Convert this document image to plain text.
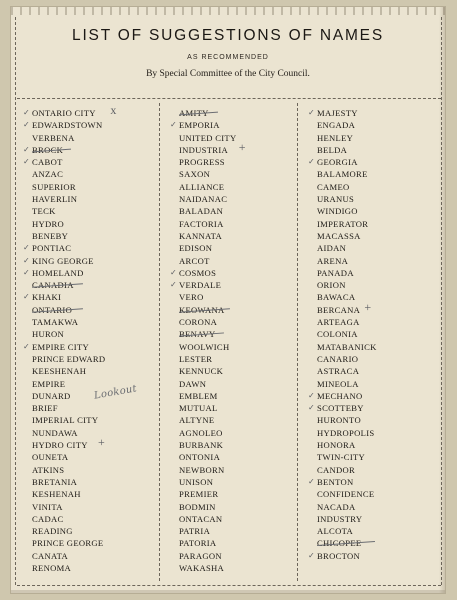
LIST OF SUGGESTIONS OF NAMES
AS RECOMMENDED
By Special Committee of the City Council.
ONTARIO CITY
✓	x
EDWARDSTOWN
✓
VERBENA
BROCK
✓
CABOT
✓
ANZAC
SUPERIOR
HAVERLIN
TECK
HYDRO
BENEBY
PONTIAC
✓
KING GEORGE
✓
HOMELAND
✓
CANADIA
KHAKI
✓
ONTARIO
TAMAKWA
HURON
EMPIRE CITY
✓
PRINCE EDWARD
KEESHENAH
EMPIRE
DUNARD Lookout
BRIEF
IMPERIAL CITY
NUNDAWA
HYDRO CITY +
OUNETA
ATKINS
BRETANIA
KESHENAH
VINITA
CADAC
READING
PRINCE GEORGE
CANATA
RENOMA
AMITY
EMPORIA
✓
UNITED CITY
INDUSTRIA +
PROGRESS
SAXON
ALLIANCE
NAIDANAC
BALADAN
FACTORIA
KANNATA
EDISON
ARCOT
COSMOS
✓
VERDALE
✓
VERO
KEOWANA
CORONA
BENAVY
WOOLWICH
LESTER
KENNUCK
DAWN
EMBLEM
MUTUAL
ALTYNE
AGNOLEO
BURBANK
ONTONIA
NEWBORN
UNISON
PREMIER
BODMIN
ONTACAN
PATRIA
PATORIA
PARAGON
WAKASHA
MAJESTY
✓
ENGADA
HENLEY
BELDA
GEORGIA
✓
BALAMORE
CAMEO
URANUS
WINDIGO
IMPERATOR
MACASSA
AIDAN
ARENA
PANADA
ORION
BAWACA
BERCANA +
ARTEAGA
COLONIA
MATABANICK
CANARIO
ASTRACA
MINEOLA
MECHANO
✓
SCOTTEBY
✓
HURONTO
HYDROPOLIS
HONORA
TWIN-CITY
CANDOR
BENTON
✓
CONFIDENCE
NACADA
INDUSTRY
ALCOTA
CHICOPEE
BROCTON
✓
